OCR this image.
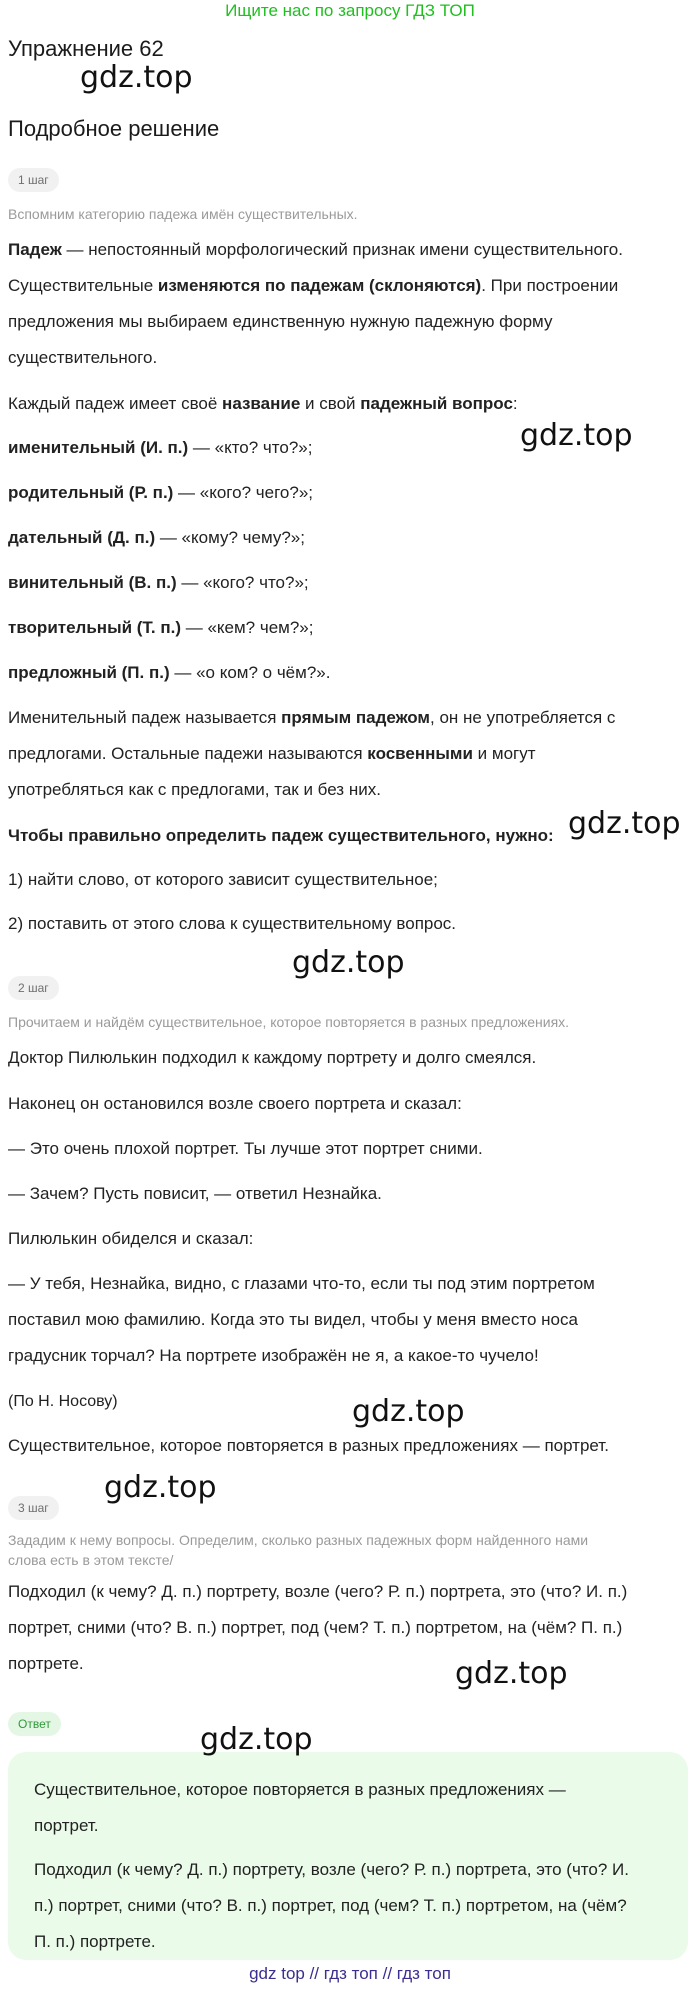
Ищите нас по запросу ГДЗ ТОП
Упражнение 62
gdz.top
Подробное решение
1 шаг
Вспомним категорию падежа имён существительных.
Падеж — непостоянный морфологический признак имени существительного.
Существительные изменяются по падежам (склоняются). При построении
предложения мы выбираем единственную нужную падежную форму
существительного.
Каждый падеж имеет своё название и свой падежный вопрос:
gdz.top
именительный (И. п.) — «кто? что?»;
родительный (Р. п.) — «кого? чего?»;
дательный (Д. п.) — «кому? чему?»;
винительный (В. п.) — «кого? что?»;
творительный (Т. п.) — «кем? чем?»;
предложный (П. п.) — «о ком? о чём?».
Именительный падеж называется прямым падежом, он не употребляется с
предлогами. Остальные падежи называются косвенными и могут
употребляться как с предлогами, так и без них.
Чтобы правильно определить падеж существительного, нужно: gdz.top
1) найти слово, от которого зависит существительное;
2) поставить от этого слова к существительному вопрос.
gdz.top
2 шаг
Прочитаем и найдём существительное, которое повторяется в разных предложениях.
Доктор Пилюлькин подходил к каждому портрету и долго смеялся.
Наконец он остановился возле своего портрета и сказал:
— Это очень плохой портрет. Ты лучше этот портрет сними.
— Зачем? Пусть повисит, — ответил Незнайка.
Пилюлькин обиделся и сказал:
— У тебя, Незнайка, видно, с глазами что-то, если ты под этим портретом
поставил мою фамилию. Когда это ты видел, чтобы у меня вместо носа
градусник торчал? На портрете изображён не я, а какое-то чучело!
(По Н. Носову)	gdz.top
Существительное, которое повторяется в разных предложениях — портрет.
gdz.top
3 шаг
Зададим к нему вопросы. Определим, сколько разных падежных форм найденного нами
слова есть в этом тексте/
Подходил (к чему? Д. п.) портрету, возле (чего? Р. п.) портрета, это (что? И. п.)
портрет, сними (что? В. п.) портрет, под (чем? Т. п.) портретом, на (чём? П. п.)
портрете.	gdz.top
Ответ	gdz.top
Существительное, которое повторяется в разных предложениях —
портрет.
Подходил (к чему? Д. п.) портрету, возле (чего? Р. п.) портрета, это (что? И.
п.) портрет, сними (что? В. п.) портрет, под (чем? Т. п.) портретом, на (чём?
П. п.) портрете.
gdz top // гдз топ // гдз топ
